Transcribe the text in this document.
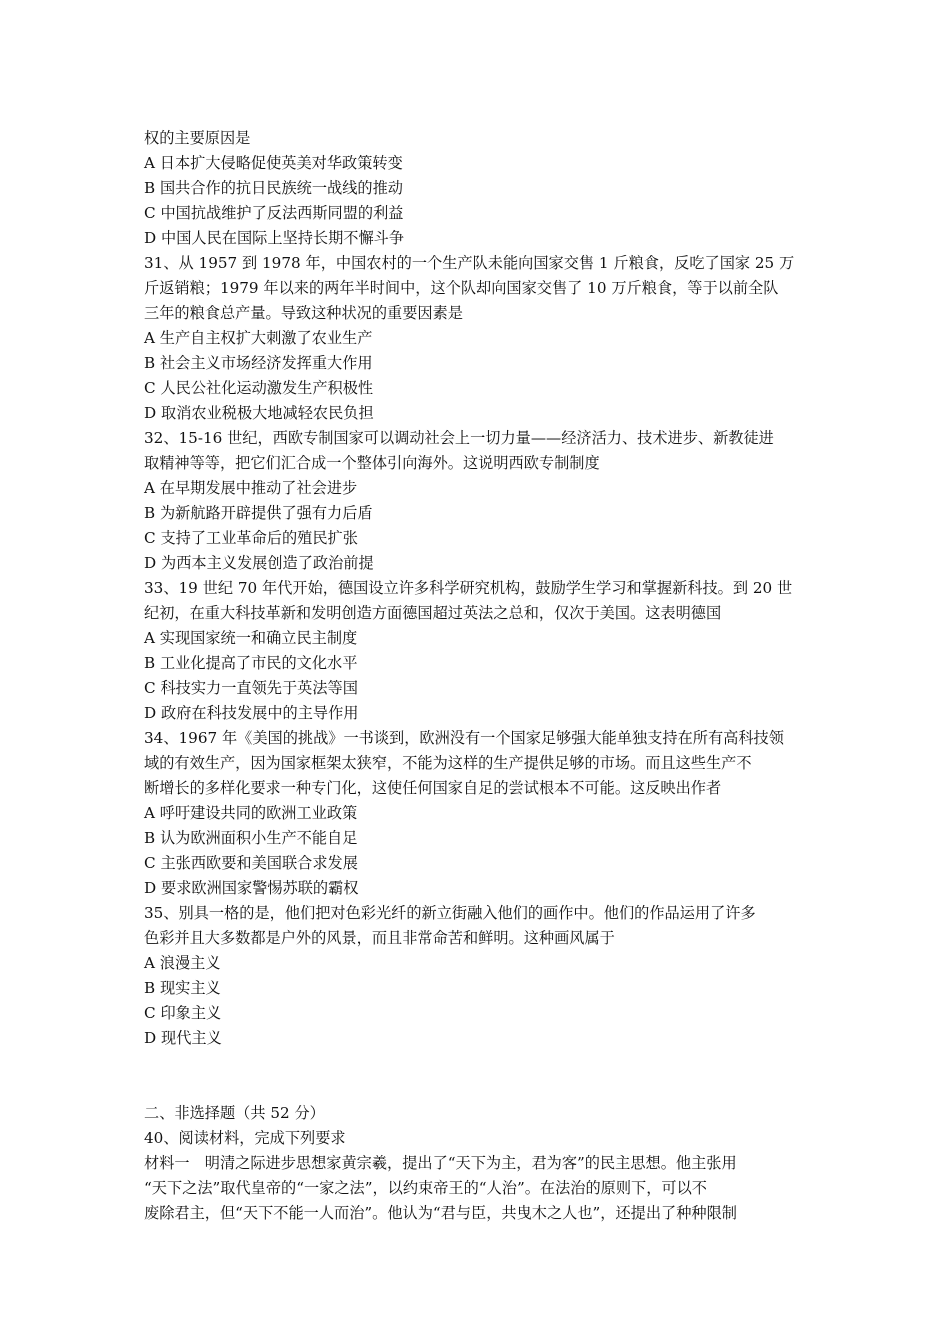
权的主要原因是

A 日本扩大侵略促使英美对华政策转变

B 国共合作的抗日民族统一战线的推动

C 中国抗战维护了反法西斯同盟的利益

D 中国人民在国际上坚持长期不懈斗争

31、从 1957 到 1978 年，中国农村的一个生产队未能向国家交售 1 斤粮食，反吃了国家 25 万

斤返销粮；1979 年以来的两年半时间中，这个队却向国家交售了 10 万斤粮食，等于以前全队

三年的粮食总产量。导致这种状况的重要因素是

A 生产自主权扩大刺激了农业生产

B 社会主义市场经济发挥重大作用

C 人民公社化运动激发生产积极性

D 取消农业税极大地减轻农民负担

32、15-16 世纪，西欧专制国家可以调动社会上一切力量——经济活力、技术进步、新教徒进

取精神等等，把它们汇合成一个整体引向海外。这说明西欧专制制度

A 在早期发展中推动了社会进步

B 为新航路开辟提供了强有力后盾

C 支持了工业革命后的殖民扩张

D 为西本主义发展创造了政治前提

33、19 世纪 70 年代开始，德国设立许多科学研究机构，鼓励学生学习和掌握新科技。到 20 世

纪初，在重大科技革新和发明创造方面德国超过英法之总和，仅次于美国。这表明德国

A 实现国家统一和确立民主制度

B 工业化提高了市民的文化水平

C 科技实力一直领先于英法等国

D 政府在科技发展中的主导作用

34、1967 年《美国的挑战》一书谈到，欧洲没有一个国家足够强大能单独支持在所有高科技领

域的有效生产，因为国家框架太狭窄，不能为这样的生产提供足够的市场。而且这些生产不

断增长的多样化要求一种专门化，这使任何国家自足的尝试根本不可能。这反映出作者

A 呼吁建设共同的欧洲工业政策

B 认为欧洲面积小生产不能自足

C 主张西欧要和美国联合求发展

D 要求欧洲国家警惕苏联的霸权

35、别具一格的是，他们把对色彩光纤的新立街融入他们的画作中。他们的作品运用了许多

色彩并且大多数都是户外的风景，而且非常命苦和鲜明。这种画风属于

A 浪漫主义

B 现实主义

C 印象主义

D 现代主义

二、非选择题（共 52 分）

40、阅读材料，完成下列要求

材料一　明清之际进步思想家黄宗羲，提出了“天下为主，君为客”的民主思想。他主张用

“天下之法”取代皇帝的“一家之法”，以约束帝王的“人治”。在法治的原则下，可以不

废除君主，但“天下不能一人而治”。他认为“君与臣，共曳木之人也”，还提出了种种限制
